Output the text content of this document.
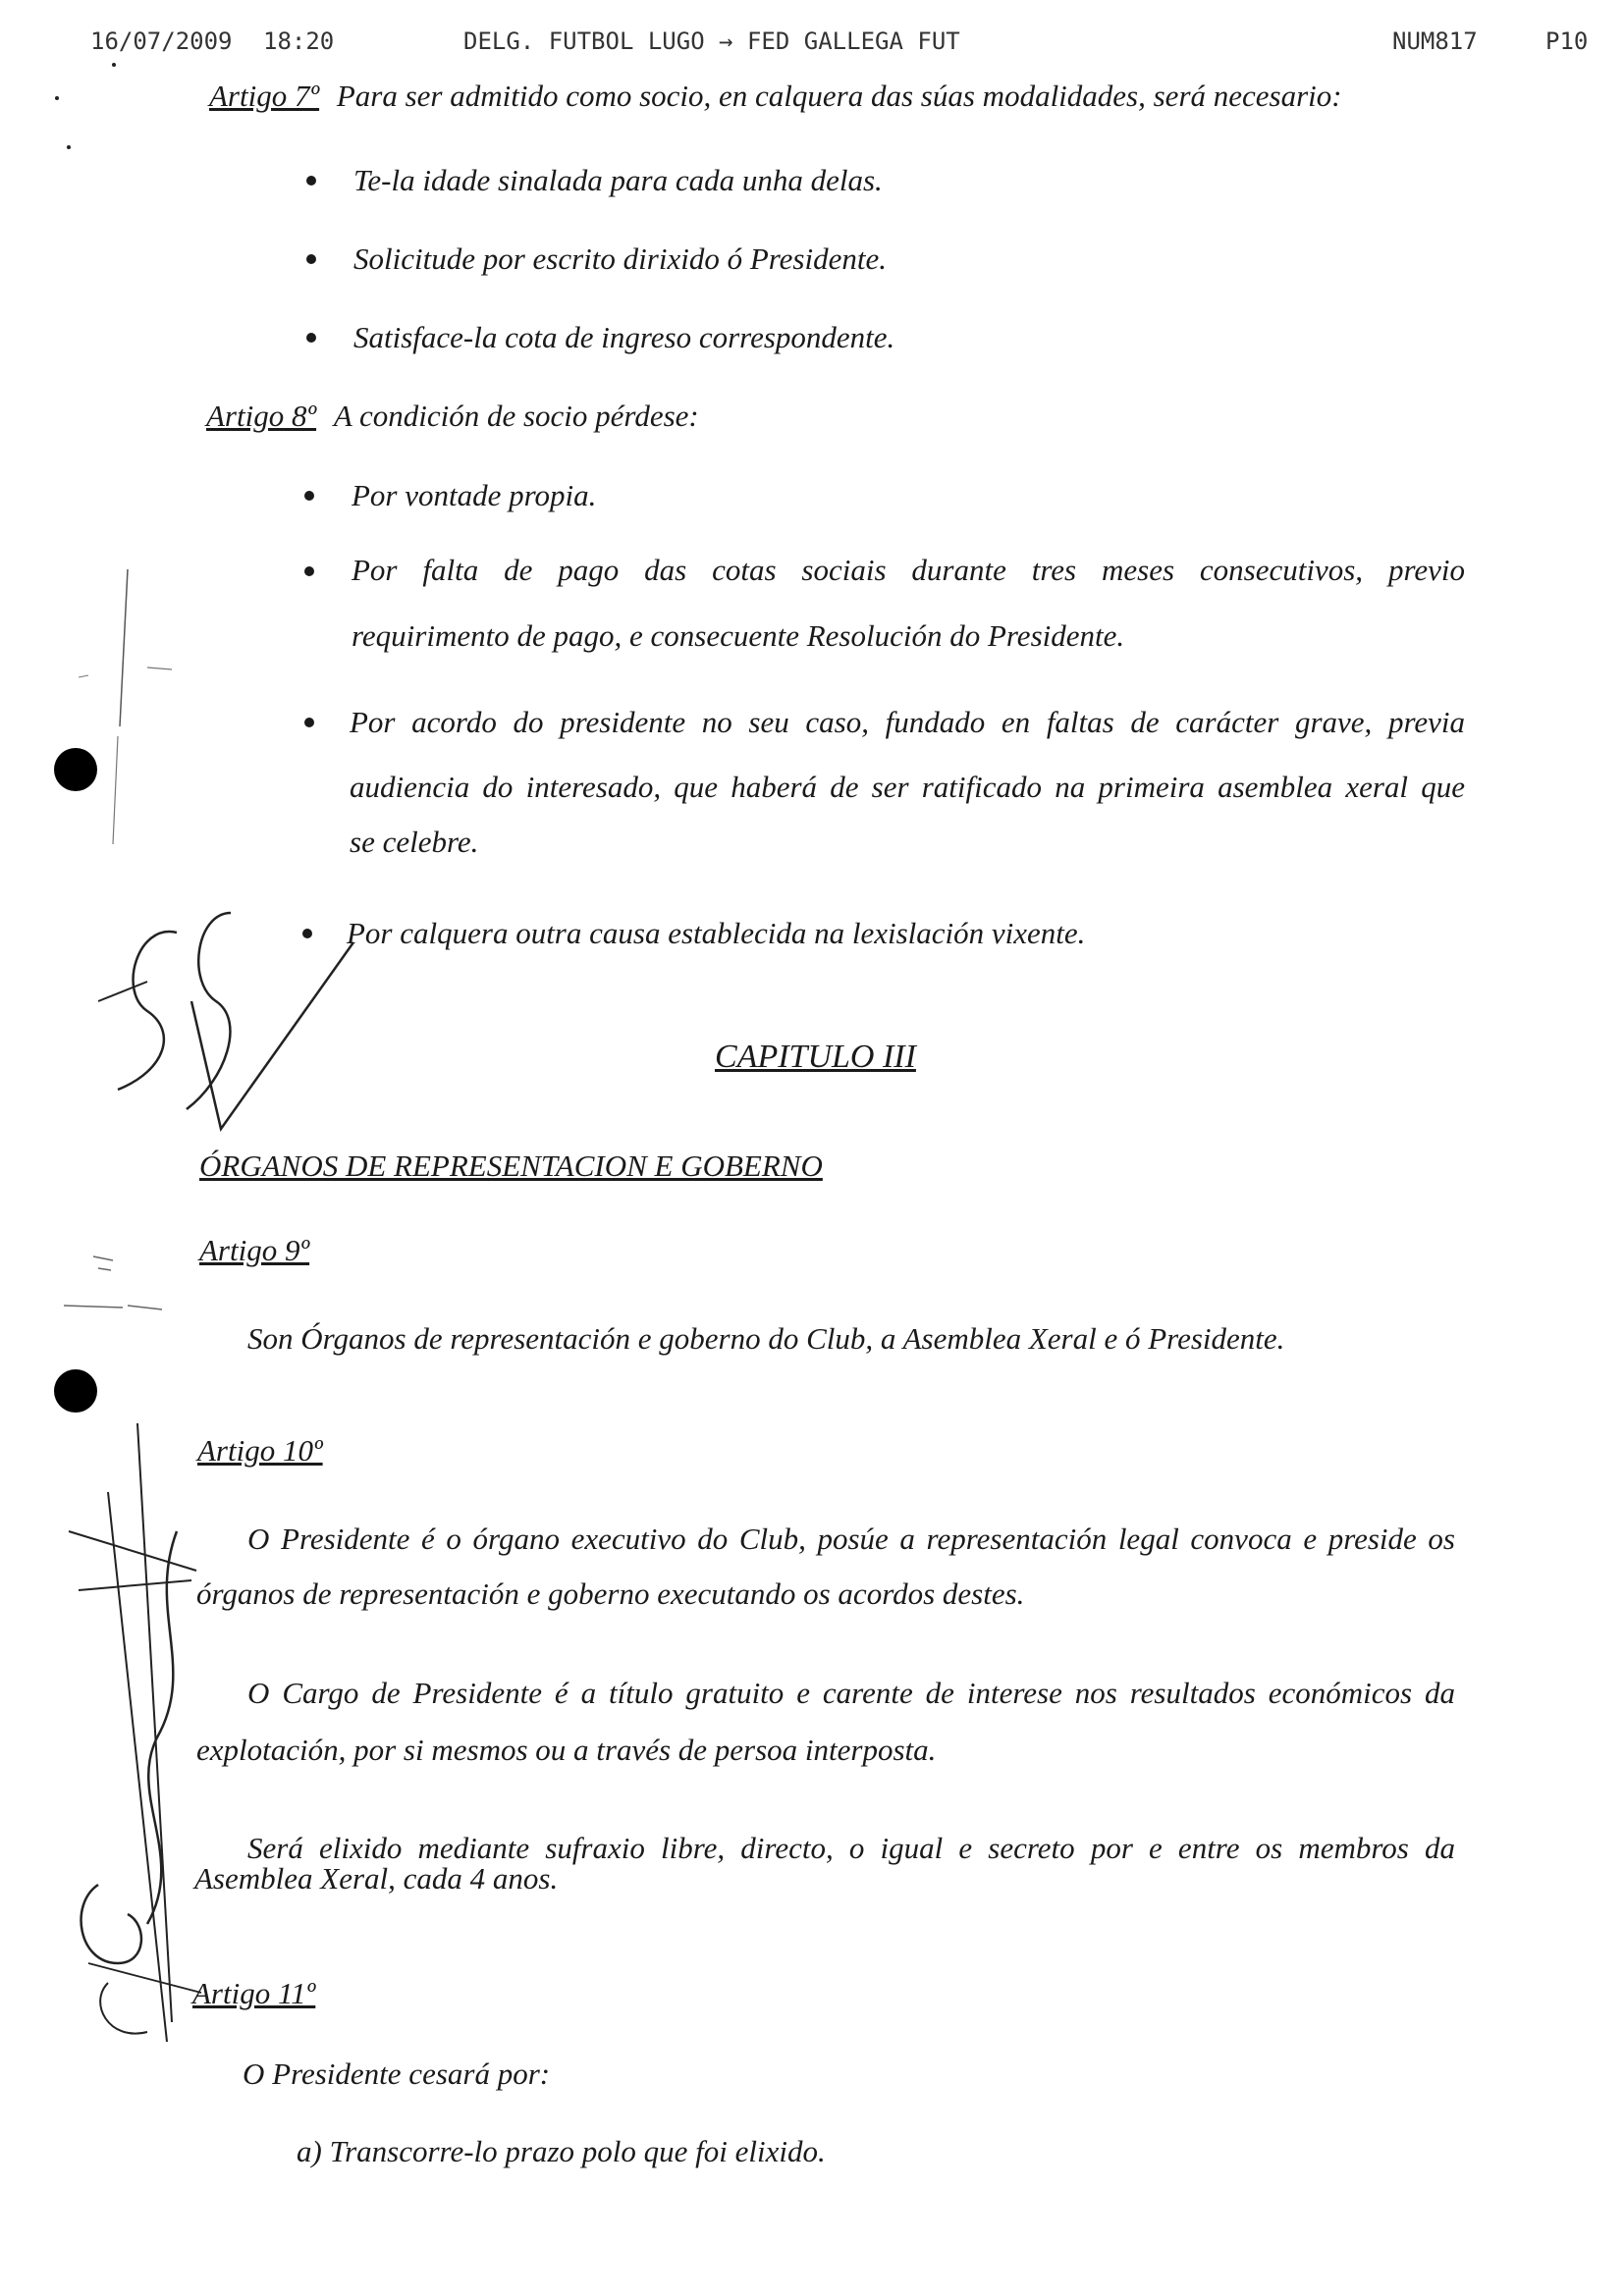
16/07/2009 18:20	DELG. FUTBOL LUGO → FED GALLEGA FUT	NUM817	P10
Artigo 7º Para ser admitido como socio, en calquera das súas modalidades, será necesario:
Te-la idade sinalada para cada unha delas.
Solicitude por escrito dirixido ó Presidente.
Satisface-la cota de ingreso correspondente.
Artigo 8º A condición de socio pérdese:
Por vontade propia.
Por falta de pago das cotas sociais durante tres meses consecutivos, previo
requirimento de pago, e consecuente Resolución do Presidente.
Por acordo do presidente no seu caso, fundado en faltas de carácter grave, previa
audiencia do interesado, que haberá de ser ratificado na primeira asemblea xeral que
se celebre.
Por calquera outra causa establecida na lexislación vixente.
CAPITULO III
ÓRGANOS DE REPRESENTACION E GOBERNO
Artigo 9º
Son Órganos de representación e goberno do Club, a Asemblea Xeral e ó Presidente.
Artigo 10º
O Presidente é o órgano executivo do Club, posúe a representación legal convoca e preside os
órganos de representación e goberno executando os acordos destes.
O Cargo de Presidente é a título gratuito e carente de interese nos resultados económicos da
explotación, por si mesmos ou a través de persoa interposta.
Será elixido mediante sufraxio libre, directo, o igual e secreto por e entre os membros da
Asemblea Xeral, cada 4 anos.
Artigo 11º
O Presidente cesará por:
a) Transcorre-lo prazo polo que foi elixido.
